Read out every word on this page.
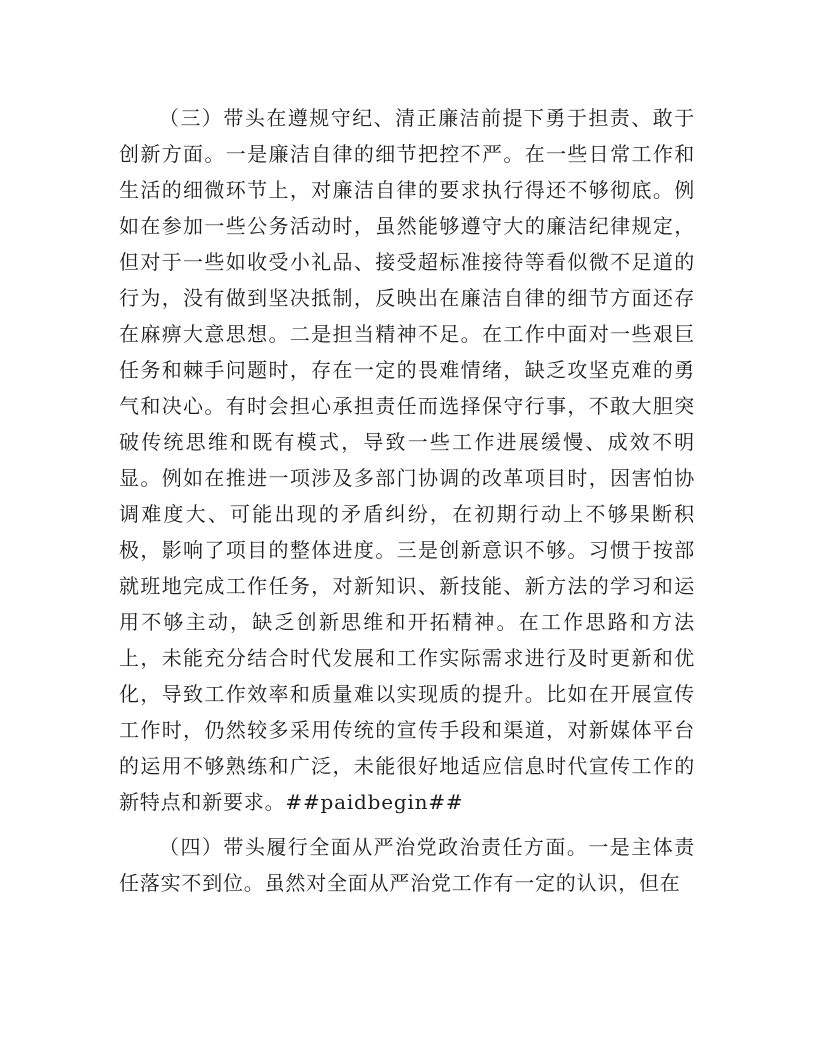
（三）带头在遵规守纪、清正廉洁前提下勇于担责、敢于创新方面。一是廉洁自律的细节把控不严。在一些日常工作和生活的细微环节上，对廉洁自律的要求执行得还不够彻底。例如在参加一些公务活动时，虽然能够遵守大的廉洁纪律规定，但对于一些如收受小礼品、接受超标准接待等看似微不足道的行为，没有做到坚决抵制，反映出在廉洁自律的细节方面还存在麻痹大意思想。二是担当精神不足。在工作中面对一些艰巨任务和棘手问题时，存在一定的畏难情绪，缺乏攻坚克难的勇气和决心。有时会担心承担责任而选择保守行事，不敢大胆突破传统思维和既有模式，导致一些工作进展缓慢、成效不明显。例如在推进一项涉及多部门协调的改革项目时，因害怕协调难度大、可能出现的矛盾纠纷，在初期行动上不够果断积极，影响了项目的整体进度。三是创新意识不够。习惯于按部就班地完成工作任务，对新知识、新技能、新方法的学习和运用不够主动，缺乏创新思维和开拓精神。在工作思路和方法上，未能充分结合时代发展和工作实际需求进行及时更新和优化，导致工作效率和质量难以实现质的提升。比如在开展宣传工作时，仍然较多采用传统的宣传手段和渠道，对新媒体平台的运用不够熟练和广泛，未能很好地适应信息时代宣传工作的新特点和新要求。##paidbegin##

（四）带头履行全面从严治党政治责任方面。一是主体责任落实不到位。虽然对全面从严治党工作有一定的认识，但在
